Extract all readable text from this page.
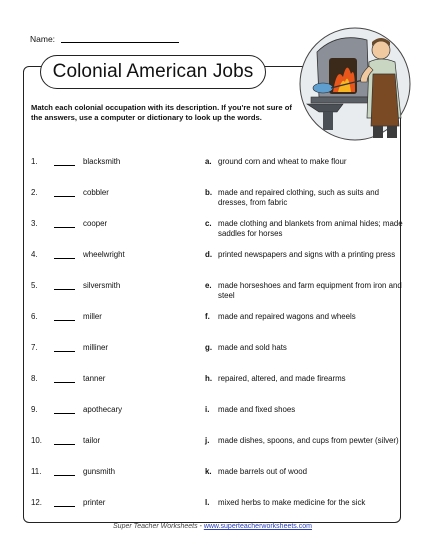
Name:
Colonial American Jobs
Match each colonial occupation with its description. If you're not sure of the answers, use a computer or dictionary to look up the words.
1.	blacksmith	a. ground corn and wheat to make flour
2.	cobbler	b. made and repaired clothing, such as suits and dresses, from fabric
3.	cooper	c. made clothing and blankets from animal hides; made saddles for horses
4.	wheelwright	d. printed newspapers and signs with a printing press
5.	silversmith	e. made horseshoes and farm equipment from iron and steel
6.	miller	f. made and repaired wagons and wheels
7.	milliner	g. made and sold hats
8.	tanner	h. repaired, altered, and made firearms
9.	apothecary	i. made and fixed shoes
10.	tailor	j. made dishes, spoons, and cups from pewter (silver)
11.	gunsmith	k. made barrels out of wood
12.	printer	l. mixed herbs to make medicine for the sick
Super Teacher Worksheets - www.superteacherworksheets.com
